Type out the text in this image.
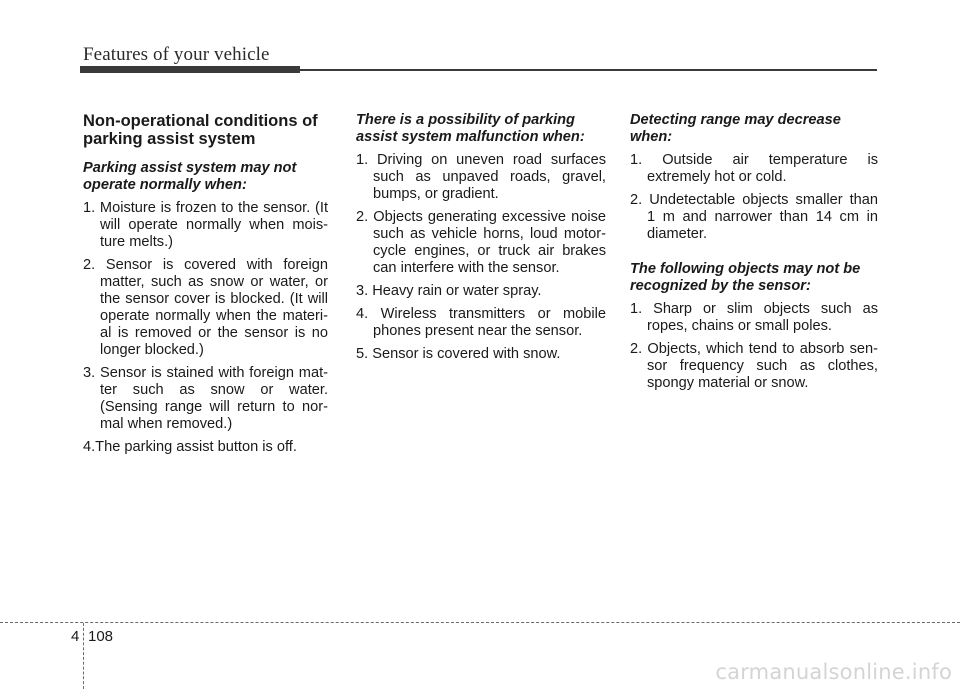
Features of your vehicle
Non-operational conditions of parking assist system
Parking assist system may not operate normally when:
1. Moisture is frozen to the sensor. (It will operate normally when mois-ture melts.)
2. Sensor is covered with foreign matter, such as snow or water, or the sensor cover is blocked. (It will operate normally when the materi-al is removed or the sensor is no longer blocked.)
3. Sensor is stained with foreign mat-ter such as snow or water. (Sensing range will return to nor-mal when removed.)
4.The parking assist button is off.
There is a possibility of parking assist system malfunction when:
1. Driving on uneven road surfaces such as unpaved roads, gravel, bumps, or gradient.
2. Objects generating excessive noise such as vehicle horns, loud motor-cycle engines, or truck air brakes can interfere with the sensor.
3. Heavy rain or water spray.
4. Wireless transmitters or mobile phones present near the sensor.
5. Sensor is covered with snow.
Detecting range may decrease when:
1. Outside air temperature is extremely hot or cold.
2. Undetectable objects smaller than 1 m and narrower than 14 cm in diameter.
The following objects may not be recognized by the sensor:
1. Sharp or slim objects such as ropes, chains or small poles.
2. Objects, which tend to absorb sen-sor frequency such as clothes, spongy material or snow.
4 108
carmanualsonline.info
